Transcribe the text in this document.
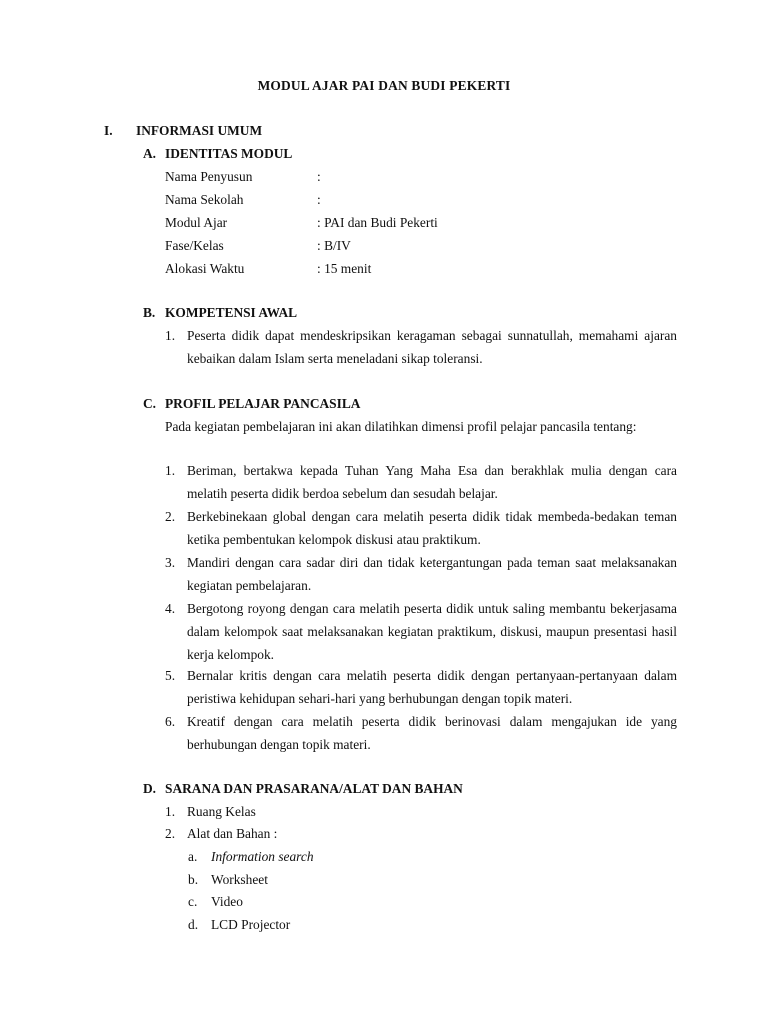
MODUL AJAR PAI DAN BUDI PEKERTI
I. INFORMASI UMUM
A. IDENTITAS MODUL
Nama Penyusun	:
Nama Sekolah	:
Modul Ajar	: PAI dan Budi Pekerti
Fase/Kelas	: B/IV
Alokasi Waktu	: 15 menit
B. KOMPETENSI AWAL
1. Peserta didik dapat mendeskripsikan keragaman sebagai sunnatullah, memahami ajaran kebaikan dalam Islam serta meneladani sikap toleransi.
C. PROFIL PELAJAR PANCASILA
Pada kegiatan pembelajaran ini akan dilatihkan dimensi profil pelajar pancasila tentang:
1. Beriman, bertakwa kepada Tuhan Yang Maha Esa dan berakhlak mulia dengan cara melatih peserta didik berdoa sebelum dan sesudah belajar.
2. Berkebinekaan global dengan cara melatih peserta didik tidak membeda-bedakan teman ketika pembentukan kelompok diskusi atau praktikum.
3. Mandiri dengan cara sadar diri dan tidak ketergantungan pada teman saat melaksanakan kegiatan pembelajaran.
4. Bergotong royong dengan cara melatih peserta didik untuk saling membantu bekerjasama dalam kelompok saat melaksanakan kegiatan praktikum, diskusi, maupun presentasi hasil kerja kelompok.
5. Bernalar kritis dengan cara melatih peserta didik dengan pertanyaan-pertanyaan dalam peristiwa kehidupan sehari-hari yang berhubungan dengan topik materi.
6. Kreatif dengan cara melatih peserta didik berinovasi dalam mengajukan ide yang berhubungan dengan topik materi.
D. SARANA DAN PRASARANA/ALAT DAN BAHAN
1. Ruang Kelas
2. Alat dan Bahan :
a. Information search
b. Worksheet
c. Video
d. LCD Projector
